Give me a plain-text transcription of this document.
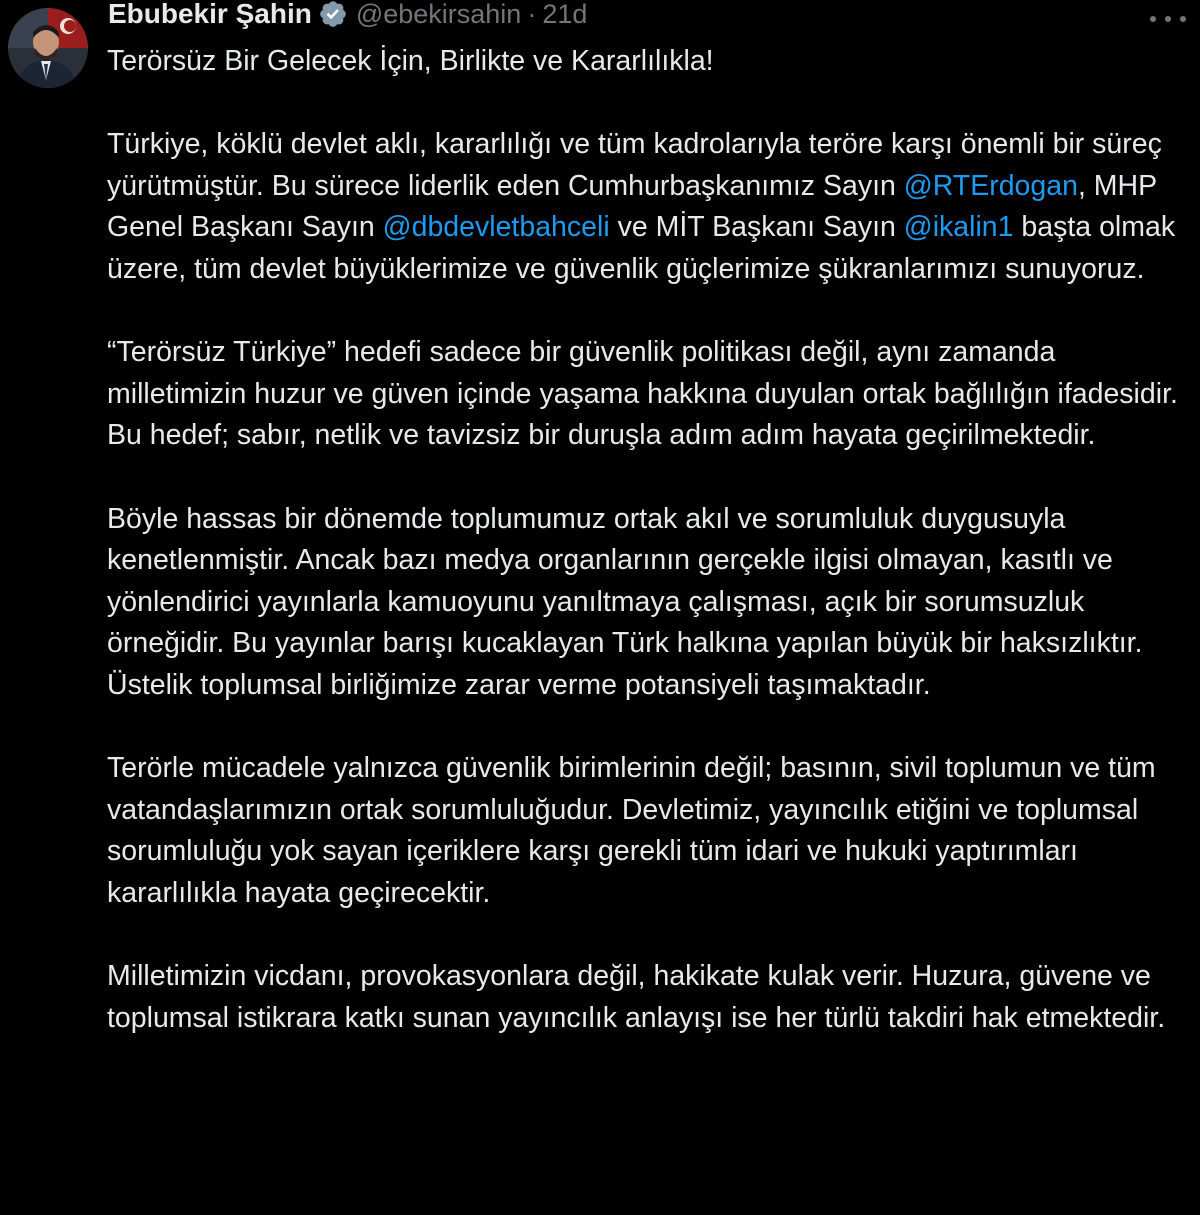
Ebubekir Şahin @ebekirsahin · 21d

Terörsüz Bir Gelecek İçin, Birlikte ve Kararlılıkla!

Türkiye, köklü devlet aklı, kararlılığı ve tüm kadrolarıyla teröre karşı önemli bir süreç yürütmüştür. Bu sürece liderlik eden Cumhurbaşkanımız Sayın @RTErdogan, MHP Genel Başkanı Sayın @dbdevletbahceli ve MİT Başkanı Sayın @ikalin1 başta olmak üzere, tüm devlet büyüklerimize ve güvenlik güçlerimize şükranlarımızı sunuyoruz.

“Terörsüz Türkiye” hedefi sadece bir güvenlik politikası değil, aynı zamanda milletimizin huzur ve güven içinde yaşama hakkına duyulan ortak bağlılığın ifadesidir. Bu hedef; sabır, netlik ve tavizsiz bir duruşla adım adım hayata geçirilmektedir.

Böyle hassas bir dönemde toplumumuz ortak akıl ve sorumluluk duygusuyla kenetlenmiştir. Ancak bazı medya organlarının gerçekle ilgisi olmayan, kasıtlı ve yönlendirici yayınlarla kamuoyunu yanıltmaya çalışması, açık bir sorumsuzluk örneğidir. Bu yayınlar barışı kucaklayan Türk halkına yapılan büyük bir haksızlıktır. Üstelik toplumsal birliğimize zarar verme potansiyeli taşımaktadır.

Terörle mücadele yalnızca güvenlik birimlerinin değil; basının, sivil toplumun ve tüm vatandaşlarımızın ortak sorumluluğudur. Devletimiz, yayıncılık etiğini ve toplumsal sorumluluğu yok sayan içeriklere karşı gerekli tüm idari ve hukuki yaptırımları kararlılıkla hayata geçirecektir.

Milletimizin vicdanı, provokasyonlara değil, hakikate kulak verir. Huzura, güvene ve toplumsal istikrara katkı sunan yayıncılık anlayışı ise her türlü takdiri hak etmektedir.
